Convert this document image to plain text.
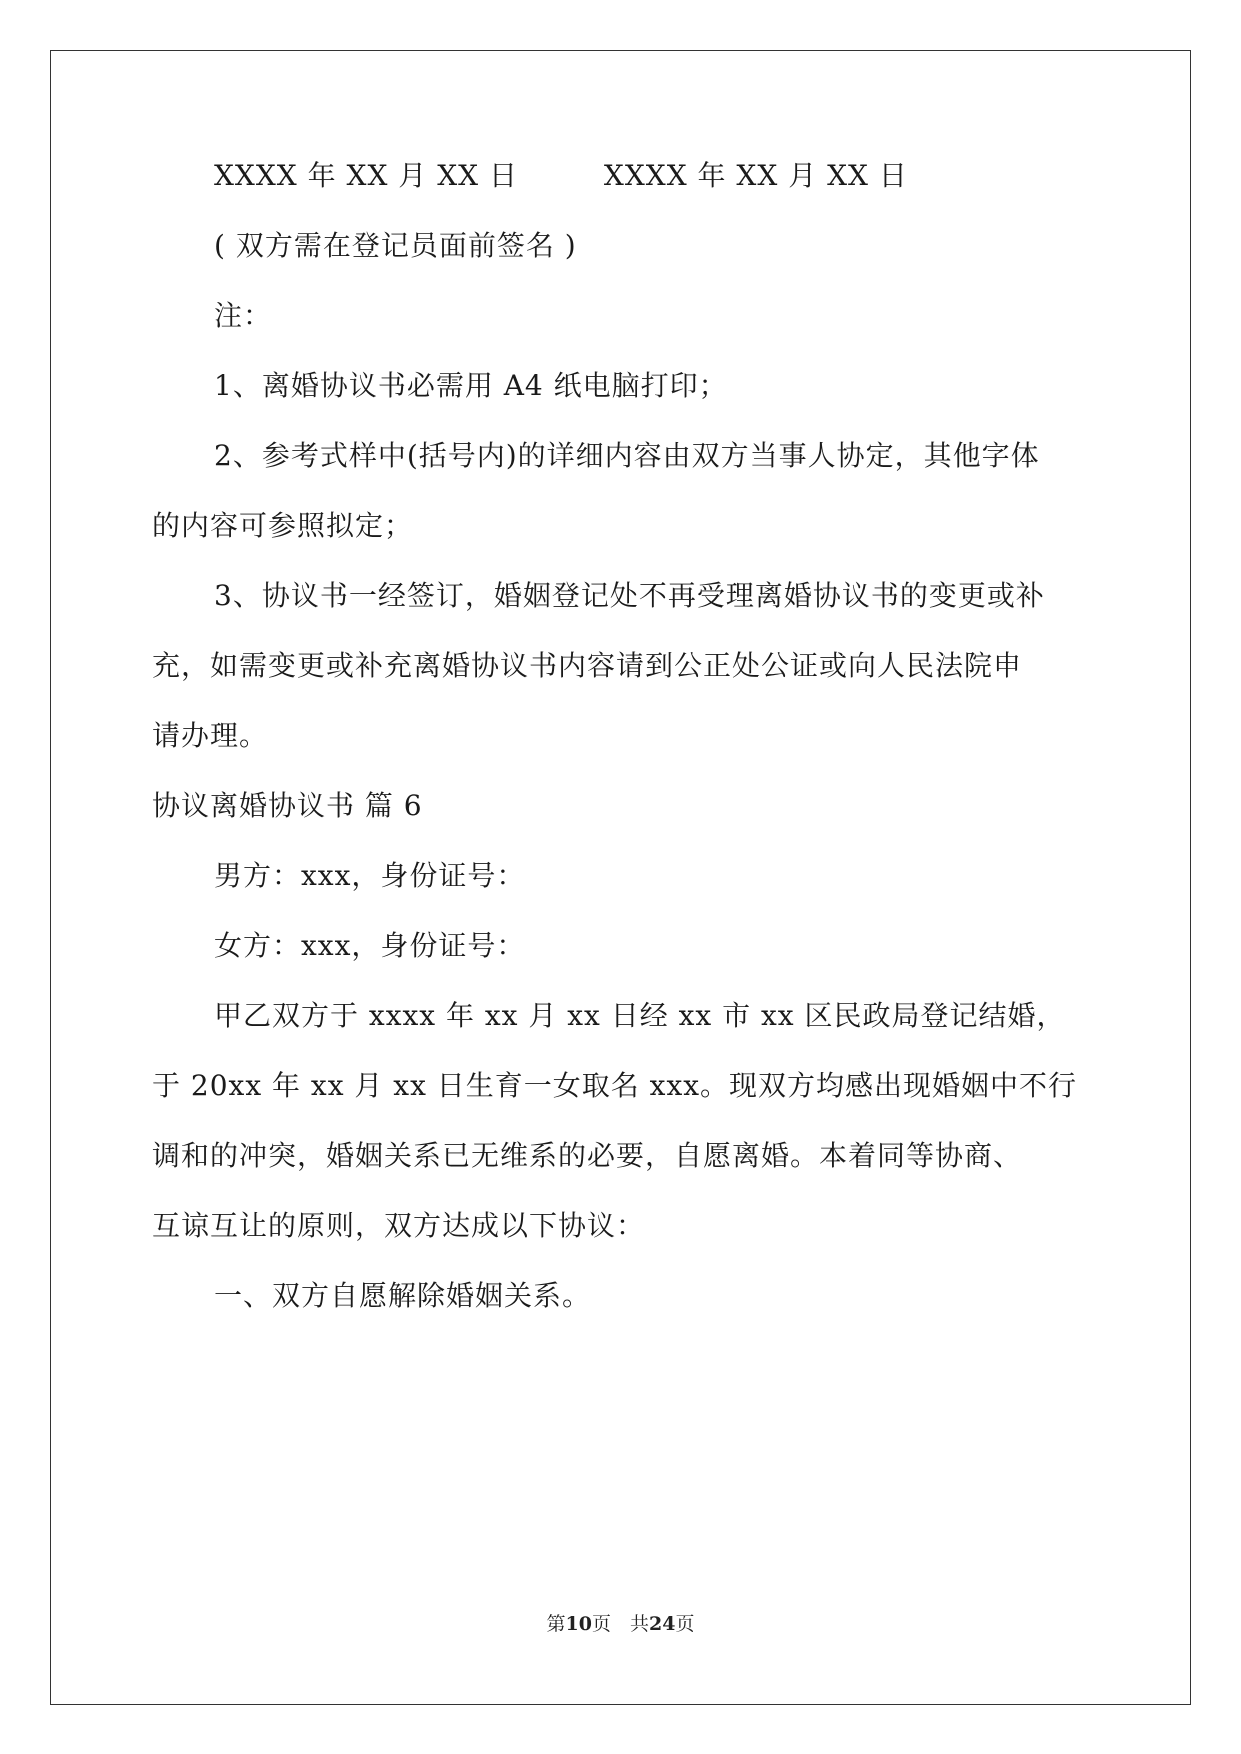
XXXX 年 XX 月 XX 日	XXXX 年 XX 月 XX 日
( 双方需在登记员面前签名 )
注：
1、离婚协议书必需用 A4 纸电脑打印；
2、参考式样中(括号内)的详细内容由双方当事人协定，其他字体
的内容可参照拟定；
3、协议书一经签订，婚姻登记处不再受理离婚协议书的变更或补
充，如需变更或补充离婚协议书内容请到公正处公证或向人民法院申
请办理。
协议离婚协议书 篇 6
男方：xxx，身份证号：
女方：xxx，身份证号：
甲乙双方于 xxxx 年 xx 月 xx 日经 xx 市 xx 区民政局登记结婚，
于 20xx 年 xx 月 xx 日生育一女取名 xxx。现双方均感出现婚姻中不行
调和的冲突，婚姻关系已无维系的必要，自愿离婚。本着同等协商、
互谅互让的原则，双方达成以下协议：
一、双方自愿解除婚姻关系。
第10页　共24页
